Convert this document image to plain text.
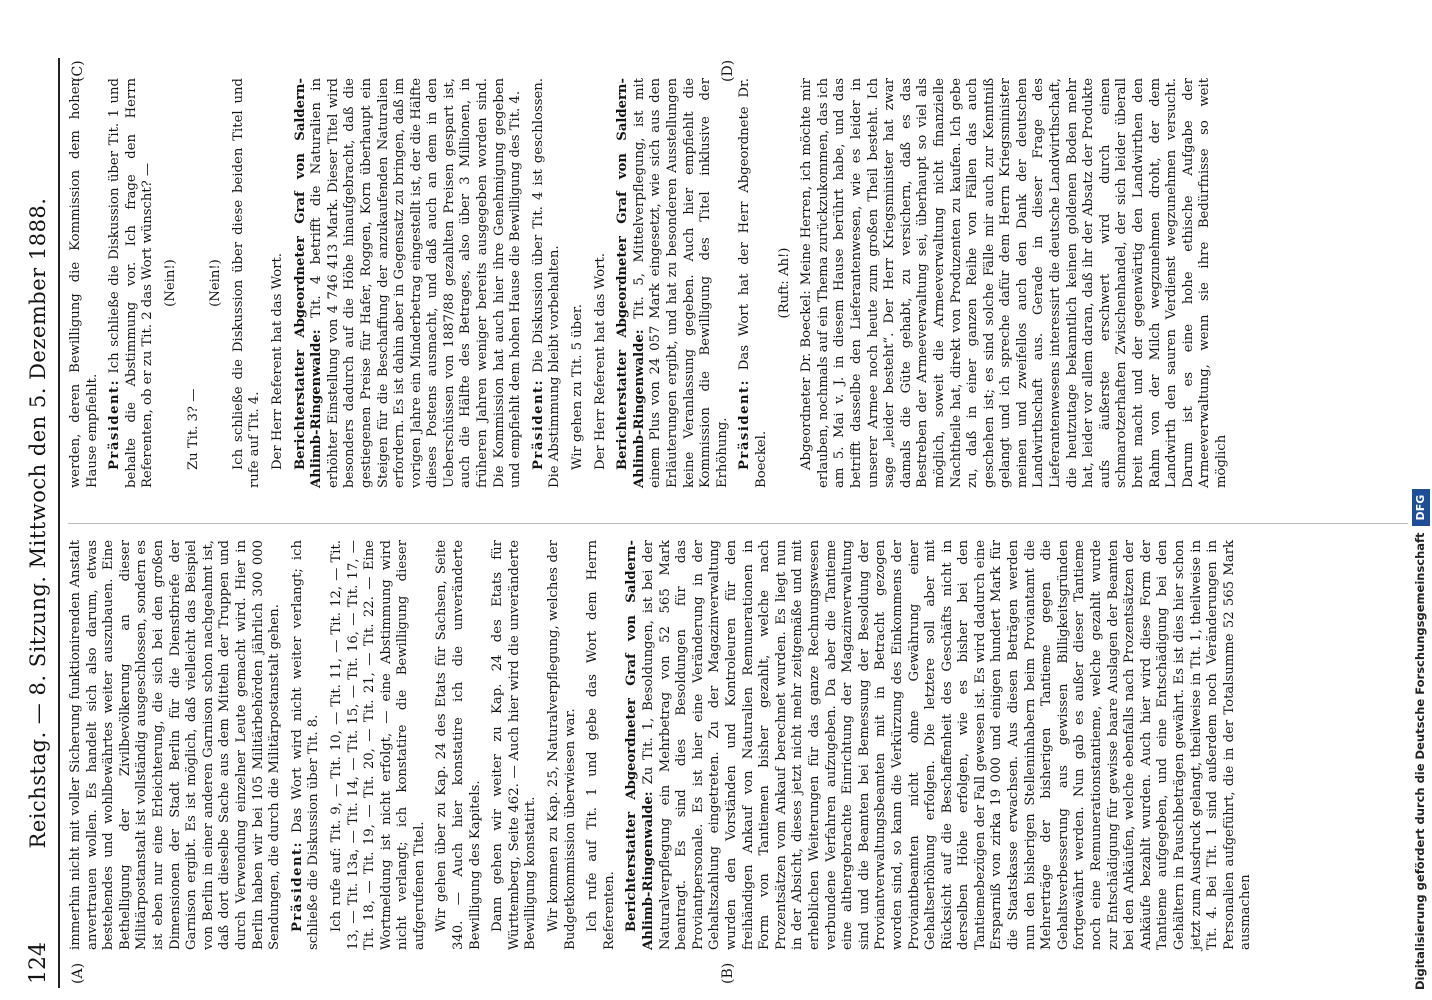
124
Reichstag. — 8. Sitzung. Mittwoch den 5. Dezember 1888.
(A)	(B)
(C)	(D)

immerhin nicht mit voller Sicherung funktionirenden Anstalt anvertrauen wollen. Es handelt sich also darum, etwas bestehendes und wohlbewährtes weiter auszubauen. Eine Bethelligung der Zivilbevölkerung an dieser Militärpostanstalt ist vollständig ausgeschlossen, sondern es ist eben nur eine Erleichterung, die sich bei den großen Dimensionen der Stadt Berlin für die Dienstbriefe der Garnison ergibt. Es ist möglich, daß vielleicht das Beispiel von Berlin in einer anderen Garnison schon nachgeahmt ist, daß dort dieselbe Sache aus dem Mitteln der Truppen und durch Verwendung einzelner Leute gemacht wird. Hier in Berlin haben wir bei 105 Militärbehörden jährlich 300 000 Sendungen, die durch die Militärpostanstalt gehen. Präsident: Das Wort wird nicht weiter verlangt; ich schließe die Diskussion über Tit. 8. Ich rufe auf: Tit. 9, — Tit. 10, — Tit. 11, — Tit. 12, — Tit. 13, — Tit. 13a, — Tit. 14, — Tit. 15, — Tit. 16, — Tit. 17, — Tit. 18, — Tit. 19, — Tit. 20, — Tit. 21, — Tit. 22. — Eine Wortmeldung ist nicht erfolgt, — eine Abstimmung wird nicht verlangt; ich konstatire die Bewilligung dieser aufgerufenen Titel. Wir gehen über zu Kap. 24 des Etats für Sachsen, Seite 340. — Auch hier konstatire ich die unveränderte Bewilligung des Kapitels. Dann gehen wir weiter zu Kap. 24 des Etats für Württemberg, Seite 462. — Auch hier wird die unveränderte Bewilligung konstatirt. Wir kommen zu Kap. 25, Naturalverpflegung, welches der Budgetkommission überwiesen war. Ich rufe auf Tit. 1 und gebe das Wort dem Herrn Referenten. Berichterstatter Abgeordneter Graf von Saldern-Ahlimb-Ringenwalde: Zu Tit. 1, Besoldungen, ist bei der Naturalverpflegung ein Mehrbetrag von 52 565 Mark beantragt. Es sind dies Besoldungen für das Proviantpersonale. Es ist hier eine Veränderung in der Gehaltszahlung eingetreten. Zu der Magazinverwaltung wurden den Vorständen und Kontroleuren für den freihändigen Ankauf von Naturalien Remunerationen in Form von Tantiemen bisher gezahlt, welche nach Prozentsätzen vom Ankauf berechnet wurden. Es liegt nun in der Absicht, dieses jetzt nicht mehr zeitgemäße und mit erheblichen Weiterungen für das ganze Rechnungswesen verbundene Verfahren aufzugeben. Da aber die Tantieme eine althergebrachte Einrichtung der Magazinverwaltung sind und die Beamten bei Bemessung der Besoldung der Proviantverwaltungsbeamten mit in Betracht gezogen worden sind, so kann die Verkürzung des Einkommens der Proviantbeamten nicht ohne Gewährung einer Gehaltserhöhung erfolgen. Die letztere soll aber mit Rücksicht auf die Beschaffenheit des Geschäfts nicht in derselben Höhe erfolgen, wie es bisher bei den Tantiemebezügen der Fall gewesen ist. Es wird dadurch eine Ersparniß von zirka 19 000 und einigen hundert Mark für die Staatskasse erwachsen. Aus diesen Beträgen werden nun den bisherigen Stelleninhabern beim Proviantamt die Mehrerträge der bisherigen Tantieme gegen die Gehaltsverbesserung aus gewissen Billigkeitsgründen fortgewährt werden. Nun gab es außer dieser Tantieme noch eine Remunerationstantieme, welche gezahlt wurde zur Entschädigung für gewisse baare Auslagen der Beamten bei den Ankäufen, welche ebenfalls nach Prozentsätzen der Ankäufe bezahlt wurden. Auch hier wird diese Form der Tantieme aufgegeben, und eine Entschädigung bei den Gehältern in Pauschbeträgen gewährt. Es ist dies hier schon jetzt zum Ausdruck gelangt, theilweise in Tit. 1, theilweise in Tit. 4. Bei Tit. 1 sind außerdem noch Veränderungen in Personalien aufgeführt, die in der Totalsumme 52 565 Mark ausmachen

werden, deren Bewilligung die Kommission dem hohen Hause empfiehlt. Präsident: Ich schließe die Diskussion über Tit. 1 und behalte die Abstimmung vor. Ich frage den Herrn Referenten, ob er zu Tit. 2 das Wort wünscht? — (Nein!)

Zu Tit. 3? —

(Nein!) Ich schließe die Diskussion über diese beiden Titel und rufe auf Tit. 4. Der Herr Referent hat das Wort. Berichterstatter Abgeordneter Graf von Saldern-Ahlimb-Ringenwalde: Tit. 4 betrifft die Naturalien in erhöhter Einstellung von 4 746 413 Mark. Dieser Titel wird besonders dadurch auf die Höhe hinaufgebracht, daß die gestiegenen Preise für Hafer, Roggen, Korn überhaupt ein Steigen für die Beschaffung der anzukaufenden Naturalien erfordern. Es ist dahin aber in Gegensatz zu bringen, daß im vorigen Jahre ein Minderbetrag eingestellt ist, der die Hälfte dieses Postens ausmacht, und daß auch an dem in den Ueberschüssen von 1887/88 gezahlten Preisen gespart ist, auch die Hälfte des Betrages, also über 3 Millionen, in früheren Jahren weniger bereits ausgegeben worden sind. Die Kommission hat auch hier ihre Genehmigung gegeben und empfiehlt dem hohen Hause die Bewilligung des Tit. 4. Präsident: Die Diskussion über Tit. 4 ist geschlossen. Die Abstimmung bleibt vorbehalten. Wir gehen zu Tit. 5 über. Der Herr Referent hat das Wort. Berichterstatter Abgeordneter Graf von Saldern-Ahlimb-Ringenwalde: Tit. 5, Mittelverpflegung, ist mit einem Plus von 24 057 Mark eingesetzt, wie sich aus den Erläuterungen ergibt, und hat zu besonderen Ausstellungen keine Veranlassung gegeben. Auch hier empfiehlt die Kommission die Bewilligung des Titel inklusive der Erhöhung. Präsident: Das Wort hat der Herr Abgeordnete Dr. Boeckel.

(Ruft: Ah!)

Abgeordneter Dr. Boeckel: Meine Herren, ich möchte mir erlauben, nochmals auf ein Thema zurückzukommen, das ich am 5. Mai v. J. in diesem Hause berührt habe, und das betrifft dasselbe den Lieferantenwesen, wie es leider in unserer Armee noch heute zum großen Theil besteht. Ich sage „leider besteht“. Der Herr Kriegsminister hat zwar damals die Güte gehabt, zu versichern, daß es das Bestreben der Armeeverwaltung sei, überhaupt so viel als möglich, soweit die Armeeverwaltung nicht finanzielle Nachtheile hat, direkt von Produzenten zu kaufen. Ich gebe zu, daß in einer ganzen Reihe von Fällen das auch geschehen ist; es sind solche Fälle mir auch zur Kenntniß gelangt und ich spreche dafür dem Herrn Kriegsminister meinen und zweifellos auch den Dank der deutschen Landwirthschaft aus. Gerade in dieser Frage des Lieferantenwesens interessirt die deutsche Landwirthschaft, die heutzutage bekanntlich keinen goldenen Boden mehr hat, leider vor allem daran, daß ihr der Absatz der Produkte aufs äußerste erschwert wird durch einen schmarotzerhaften Zwischenhandel, der sich leider überall breit macht und der gegenwärtig den Landwirthen den Rahm von der Milch wegzunehmen droht, der dem Landwirth den sauren Verdienst wegzunehmen versucht. Darum ist es eine hohe ethische Aufgabe der Armeeverwaltung, wenn sie ihre Bedürfnisse so weit möglich

Digitalisierung gefördert durch die Deutsche ForschungsgemeinschaftDFG
